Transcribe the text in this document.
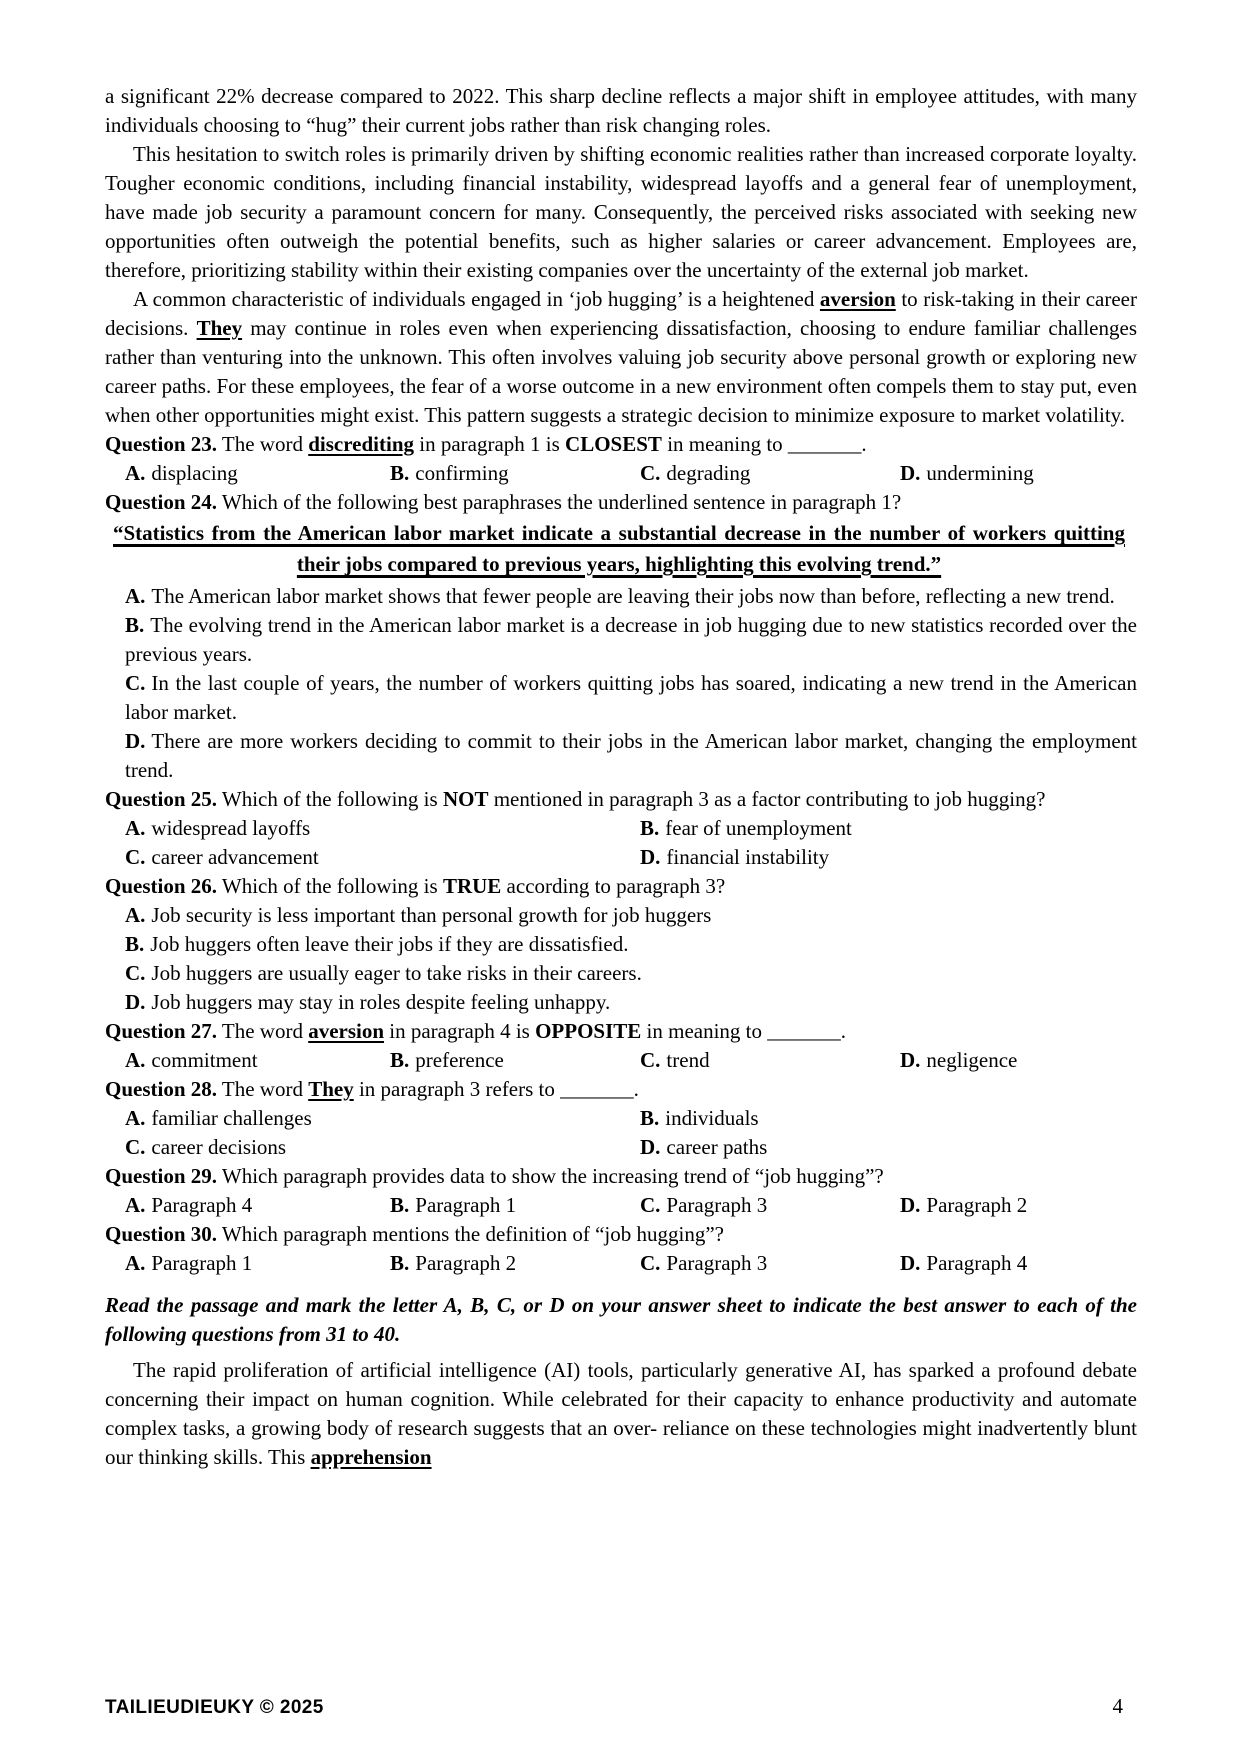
a significant 22% decrease compared to 2022. This sharp decline reflects a major shift in employee attitudes, with many individuals choosing to “hug” their current jobs rather than risk changing roles.

This hesitation to switch roles is primarily driven by shifting economic realities rather than increased corporate loyalty. Tougher economic conditions, including financial instability, widespread layoffs and a general fear of unemployment, have made job security a paramount concern for many. Consequently, the perceived risks associated with seeking new opportunities often outweigh the potential benefits, such as higher salaries or career advancement. Employees are, therefore, prioritizing stability within their existing companies over the uncertainty of the external job market.

A common characteristic of individuals engaged in ‘job hugging’ is a heightened aversion to risk-taking in their career decisions. They may continue in roles even when experiencing dissatisfaction, choosing to endure familiar challenges rather than venturing into the unknown. This often involves valuing job security above personal growth or exploring new career paths. For these employees, the fear of a worse outcome in a new environment often compels them to stay put, even when other opportunities might exist. This pattern suggests a strategic decision to minimize exposure to market volatility.

Question 23. The word discrediting in paragraph 1 is CLOSEST in meaning to _______.
A. displacing	B. confirming	C. degrading	D. undermining
Question 24. Which of the following best paraphrases the underlined sentence in paragraph 1?
“Statistics from the American labor market indicate a substantial decrease in the number of workers quitting their jobs compared to previous years, highlighting this evolving trend.”
A. The American labor market shows that fewer people are leaving their jobs now than before, reflecting a new trend.
B. The evolving trend in the American labor market is a decrease in job hugging due to new statistics recorded over the previous years.
C. In the last couple of years, the number of workers quitting jobs has soared, indicating a new trend in the American labor market.
D. There are more workers deciding to commit to their jobs in the American labor market, changing the employment trend.
Question 25. Which of the following is NOT mentioned in paragraph 3 as a factor contributing to job hugging?
A. widespread layoffs	B. fear of unemployment
C. career advancement	D. financial instability
Question 26. Which of the following is TRUE according to paragraph 3?
A. Job security is less important than personal growth for job huggers
B. Job huggers often leave their jobs if they are dissatisfied.
C. Job huggers are usually eager to take risks in their careers.
D. Job huggers may stay in roles despite feeling unhappy.
Question 27. The word aversion in paragraph 4 is OPPOSITE in meaning to _______.
A. commitment	B. preference	C. trend	D. negligence
Question 28. The word They in paragraph 3 refers to _______.
A. familiar challenges	B. individuals
C. career decisions	D. career paths
Question 29. Which paragraph provides data to show the increasing trend of “job hugging”?
A. Paragraph 4	B. Paragraph 1	C. Paragraph 3	D. Paragraph 2
Question 30. Which paragraph mentions the definition of “job hugging”?
A. Paragraph 1	B. Paragraph 2	C. Paragraph 3	D. Paragraph 4

Read the passage and mark the letter A, B, C, or D on your answer sheet to indicate the best answer to each of the following questions from 31 to 40.

The rapid proliferation of artificial intelligence (AI) tools, particularly generative AI, has sparked a profound debate concerning their impact on human cognition. While celebrated for their capacity to enhance productivity and automate complex tasks, a growing body of research suggests that an over- reliance on these technologies might inadvertently blunt our thinking skills. This apprehension

TAILIEUDIEUKY © 2025	4
